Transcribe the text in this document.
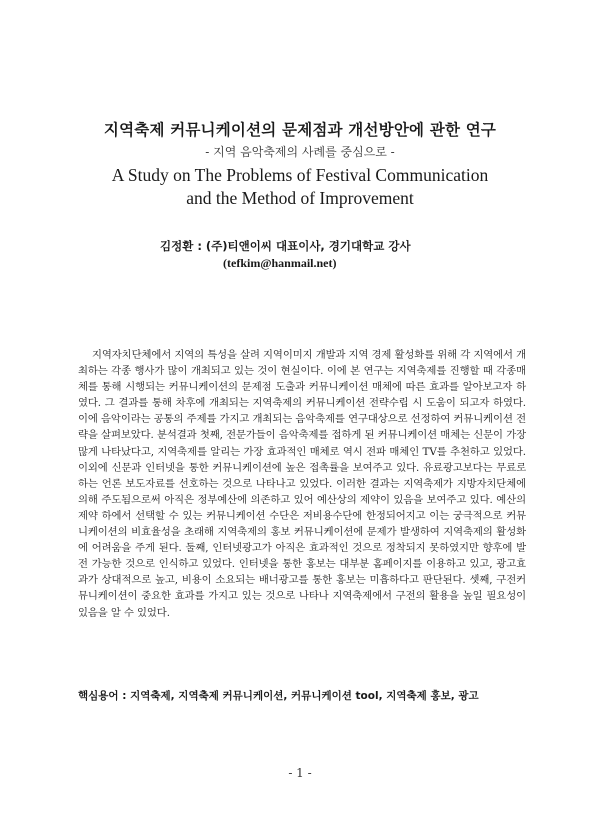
지역축제 커뮤니케이션의 문제점과 개선방안에 관한 연구
- 지역 음악축제의 사례를 중심으로 -
A Study on The Problems of Festival Communication
and the Method of Improvement
김정환 : (주)티앤이씨 대표이사, 경기대학교 강사
(tefkim@hanmail.net)

지역자치단체에서 지역의 특성을 살려 지역이미지 개발과 지역 경제 활성화를 위해 각 지역에서 개최하는 각종 행사가 많이 개최되고 있는 것이 현실이다. 이에 본 연구는 지역축제를 진행할 때 각종매체를 통해 시행되는 커뮤니케이션의 문제점 도출과 커뮤니케이션 매체에 따른 효과를 알아보고자 하였다. 그 결과를 통해 차후에 개최되는 지역축제의 커뮤니케이션 전략수립 시 도움이 되고자 하였다. 이에 음악이라는 공통의 주제를 가지고 개최되는 음악축제를 연구대상으로 선정하여 커뮤니케이션 전략을 살펴보았다. 분석결과 첫째, 전문가들이 음악축제를 접하게 된 커뮤니케이션 매체는 신문이 가장 많게 나타났다고, 지역축제를 알리는 가장 효과적인 매체로 역시 전파 매체인 TV를 추천하고 있었다. 이외에 신문과 인터넷을 통한 커뮤니케이션에 높은 접촉률을 보여주고 있다. 유료광고보다는 무료로 하는 언론 보도자료를 선호하는 것으로 나타나고 있었다. 이러한 결과는 지역축제가 지방자치단체에 의해 주도됨으로써 아직은 정부예산에 의존하고 있어 예산상의 제약이 있음을 보여주고 있다. 예산의 제약 하에서 선택할 수 있는 커뮤니케이션 수단은 저비용수단에 한정되어지고 이는 궁극적으로 커뮤니케이션의 비효율성을 초래해 지역축제의 홍보 커뮤니케이션에 문제가 발생하여 지역축제의 활성화에 어려움을 주게 된다. 둘째, 인터넷광고가 아직은 효과적인 것으로 정착되지 못하였지만 향후에 발전 가능한 것으로 인식하고 있었다. 인터넷을 통한 홍보는 대부분 홈페이지를 이용하고 있고, 광고효과가 상대적으로 높고, 비용이 소요되는 배너광고를 통한 홍보는 미흡하다고 판단된다. 셋째, 구전커뮤니케이션이 중요한 효과를 가지고 있는 것으로 나타나 지역축제에서 구전의 활용을 높일 필요성이 있음을 알 수 있었다.

핵심용어 : 지역축제, 지역축제 커뮤니케이션, 커뮤니케이션 tool, 지역축제 홍보, 광고
- 1 -
